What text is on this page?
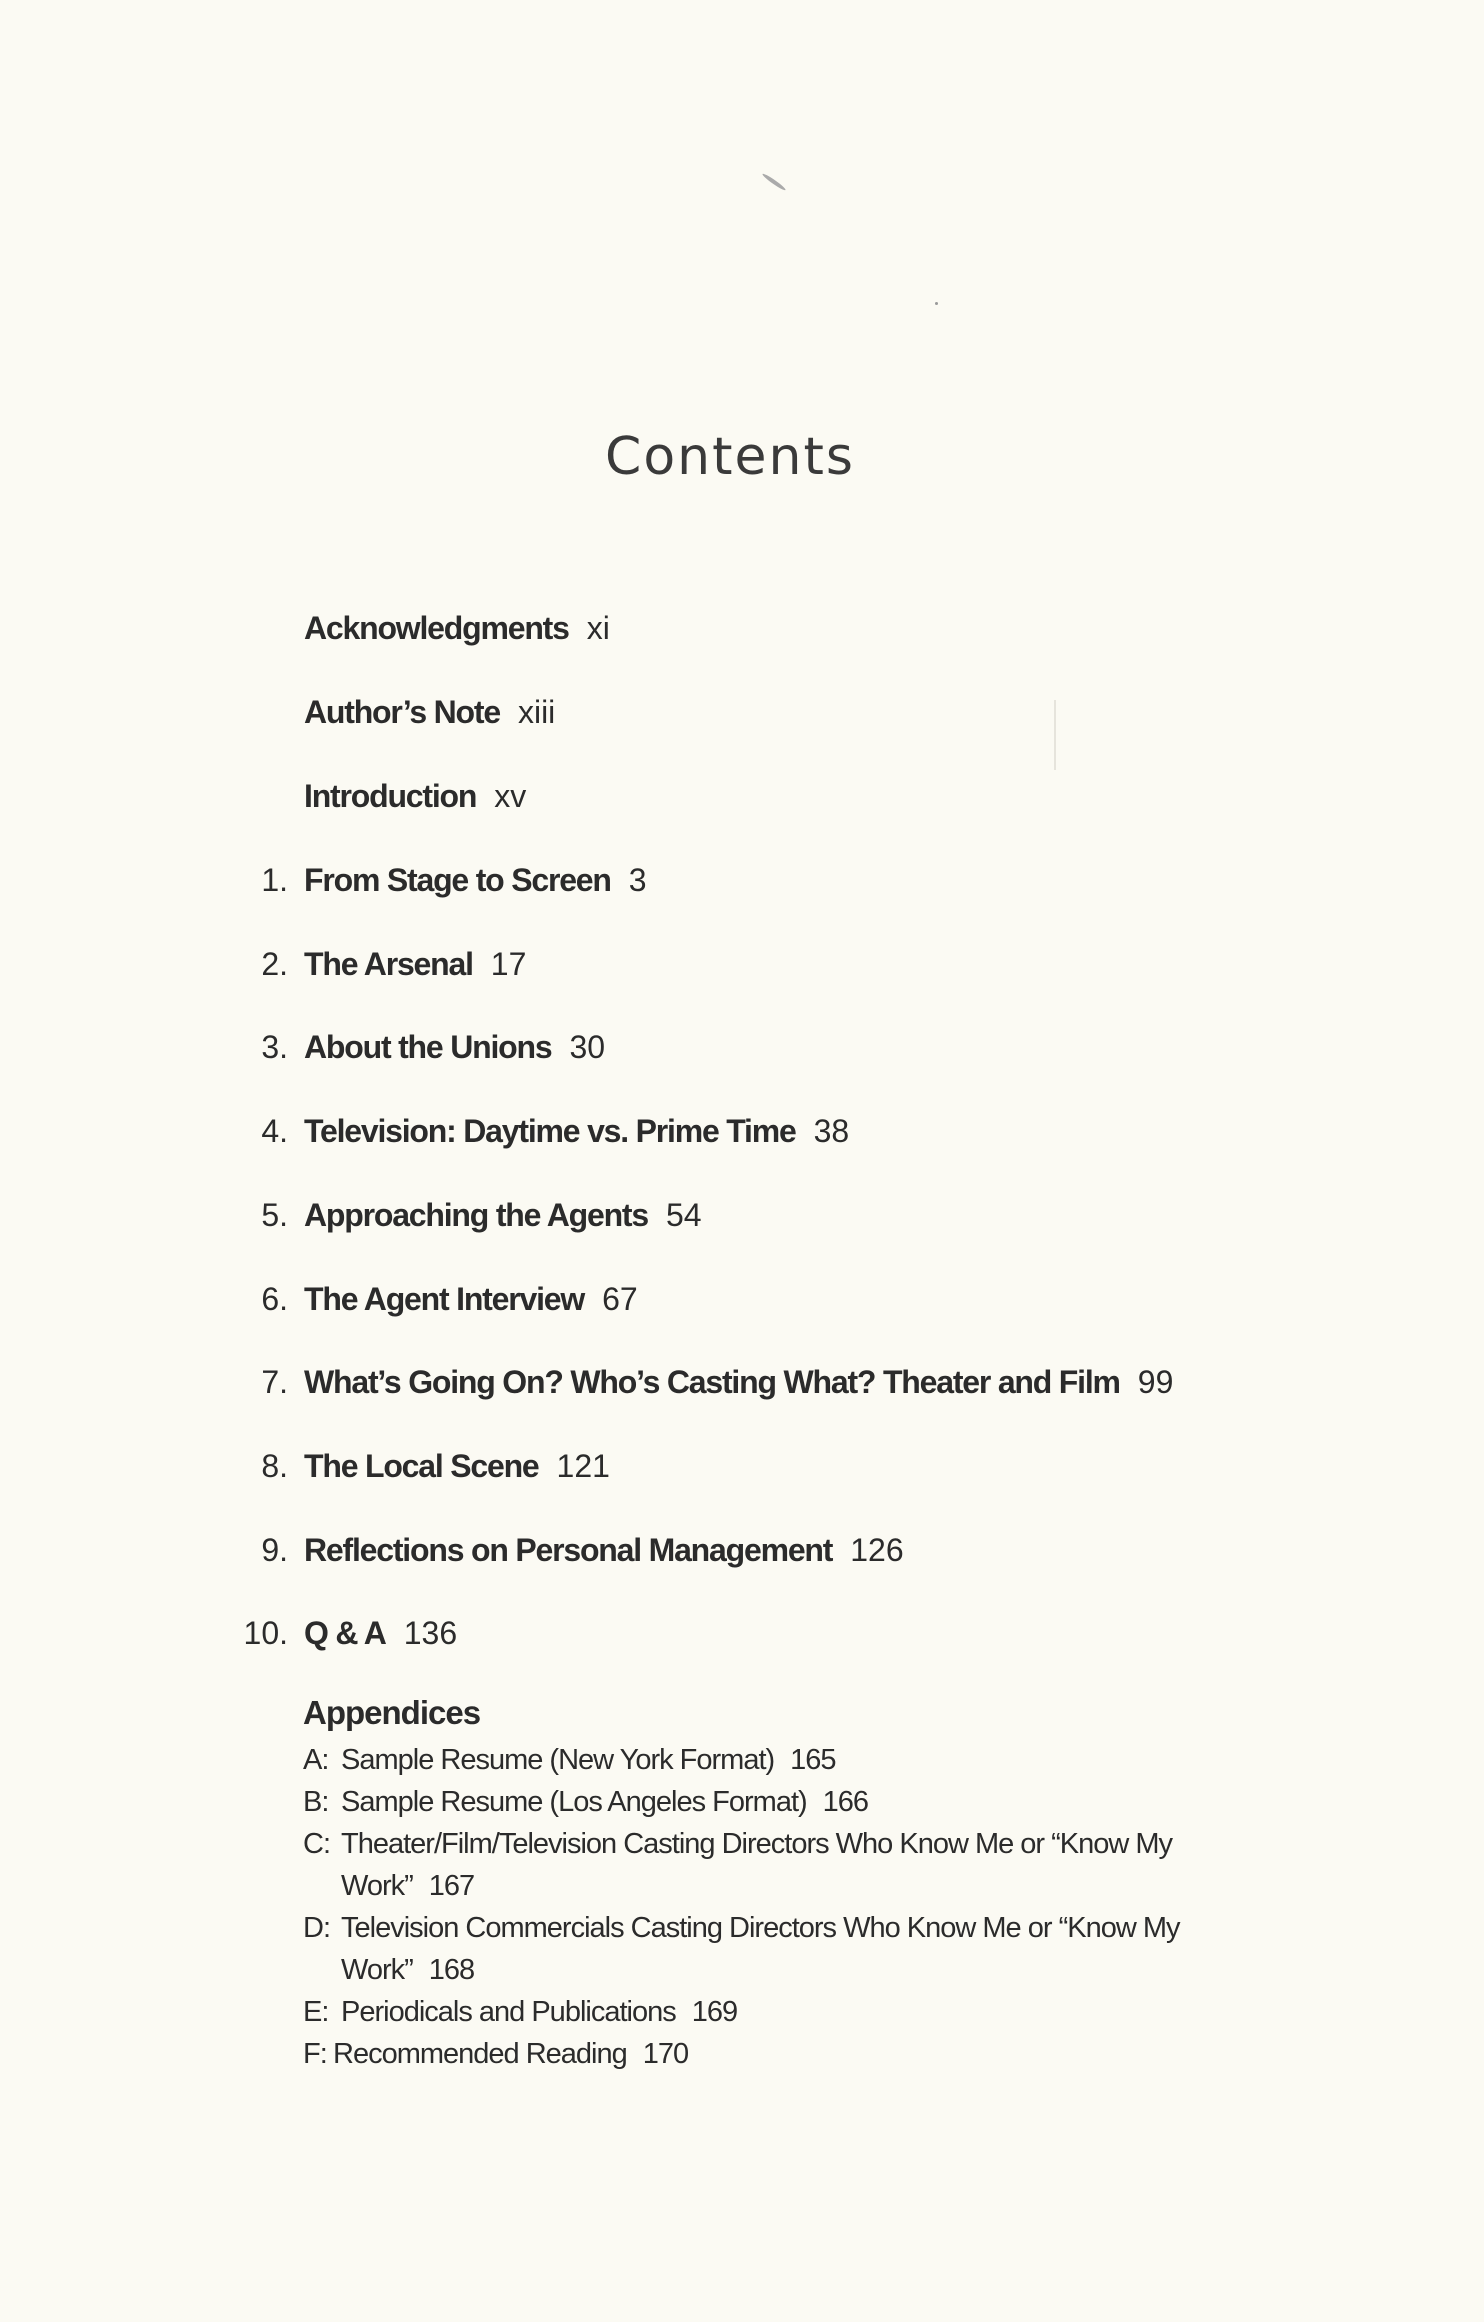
Contents
Acknowledgments xi
Author’s Note xiii
Introduction xv
1. From Stage to Screen 3
2. The Arsenal 17
3. About the Unions 30
4. Television: Daytime vs. Prime Time 38
5. Approaching the Agents 54
6. The Agent Interview 67
7. What’s Going On? Who’s Casting What? Theater and Film 99
8. The Local Scene 121
9. Reflections on Personal Management 126
10. Q & A 136
Appendices
A: Sample Resume (New York Format) 165
B: Sample Resume (Los Angeles Format) 166
C: Theater/Film/Television Casting Directors Who Know Me or “Know My
Work” 167
D: Television Commercials Casting Directors Who Know Me or “Know My
Work” 168
E: Periodicals and Publications 169
F: Recommended Reading 170
